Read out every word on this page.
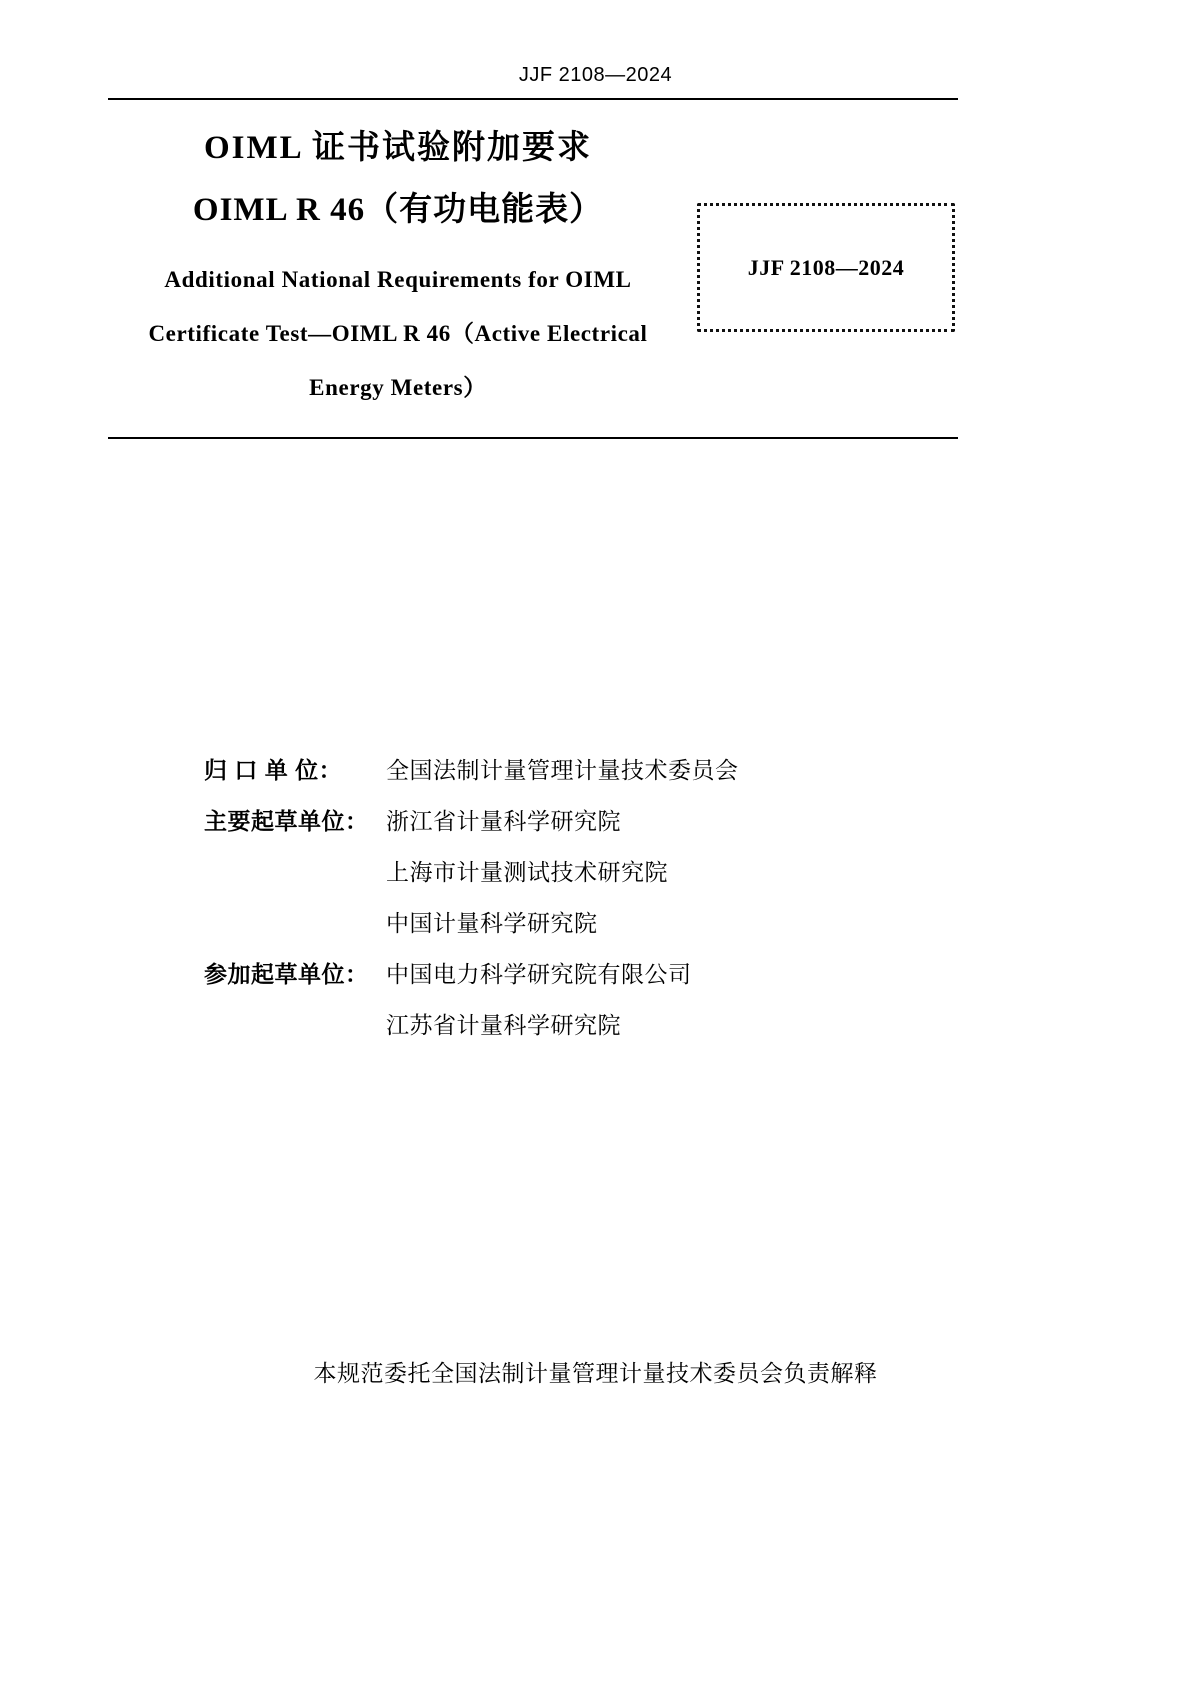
JJF 2108—2024

OIML 证书试验附加要求

OIML R 46（有功电能表）

Additional National Requirements for OIML

Certificate Test—OIML R 46（Active Electrical

Energy Meters）

JJF 2108—2024
归 口 单 位：	全国法制计量管理计量技术委员会
主要起草单位： 浙江省计量科学研究院
上海市计量测试技术研究院
中国计量科学研究院
参加起草单位： 中国电力科学研究院有限公司
江苏省计量科学研究院
本规范委托全国法制计量管理计量技术委员会负责解释
